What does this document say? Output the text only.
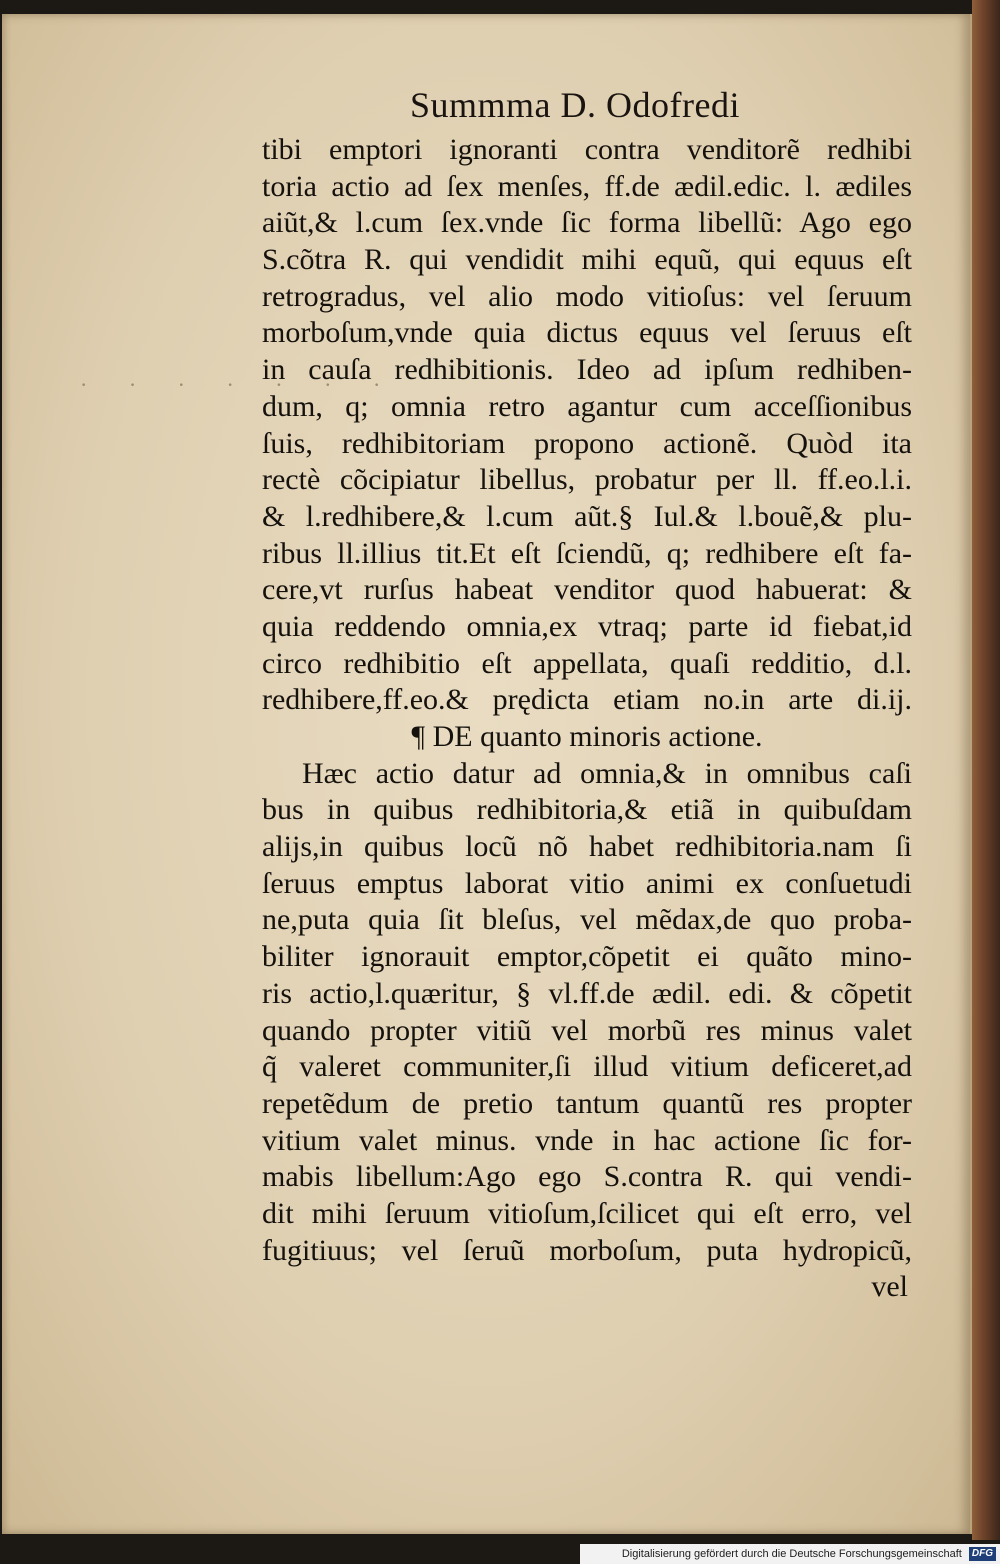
· · · · · · ·
Summma D. Odofredi
tibi emptori ignoranti contra venditorẽ redhibi
toria actio ad ſex menſes, ff.de ædil.edic. l. ædiles
aiũt,& l.cum ſex.vnde ſic forma libellũ: Ago ego
S.cõtra R. qui vendidit mihi equũ, qui equus eſt
retrogradus, vel alio modo vitioſus: vel ſeruum
morboſum,vnde quia dictus equus vel ſeruus eſt
in cauſa redhibitionis. Ideo ad ipſum redhiben-
dum, q; omnia retro agantur cum acceſſionibus
ſuis, redhibitoriam propono actionẽ. Quòd ita
rectè cõcipiatur libellus, probatur per ll. ff.eo.l.i.
& l.redhibere,& l.cum aũt.§ Iul.& l.bouẽ,& plu-
ribus ll.illius tit.Et eſt ſciendũ, q; redhibere eſt fa-
cere,vt rurſus habeat venditor quod habuerat: &
quia reddendo omnia,ex vtraq; parte id fiebat,id
circo redhibitio eſt appellata, quaſi redditio, d.l.
redhibere,ff.eo.& prędicta etiam no.in arte di.ij.
¶ DE quanto minoris actione.
Hæc actio datur ad omnia,& in omnibus caſi
bus in quibus redhibitoria,& etiã in quibuſdam
alijs,in quibus locũ nõ habet redhibitoria.nam ſi
ſeruus emptus laborat vitio animi ex conſuetudi
ne,puta quia ſit bleſus, vel mẽdax,de quo proba-
biliter ignorauit emptor,cõpetit ei quãto mino-
ris actio,l.quæritur, § vl.ff.de ædil. edi. & cõpetit
quando propter vitiũ vel morbũ res minus valet
q̃ valeret communiter,ſi illud vitium deficeret,ad
repetẽdum de pretio tantum quantũ res propter
vitium valet minus. vnde in hac actione ſic for-
mabis libellum:Ago ego S.contra R. qui vendi-
dit mihi ſeruum vitioſum,ſcilicet qui eſt erro, vel
fugitiuus; vel ſeruũ morboſum, puta hydropicũ,
vel
Digitalisierung gefördert durch die Deutsche Forschungsgemeinschaft DFG
